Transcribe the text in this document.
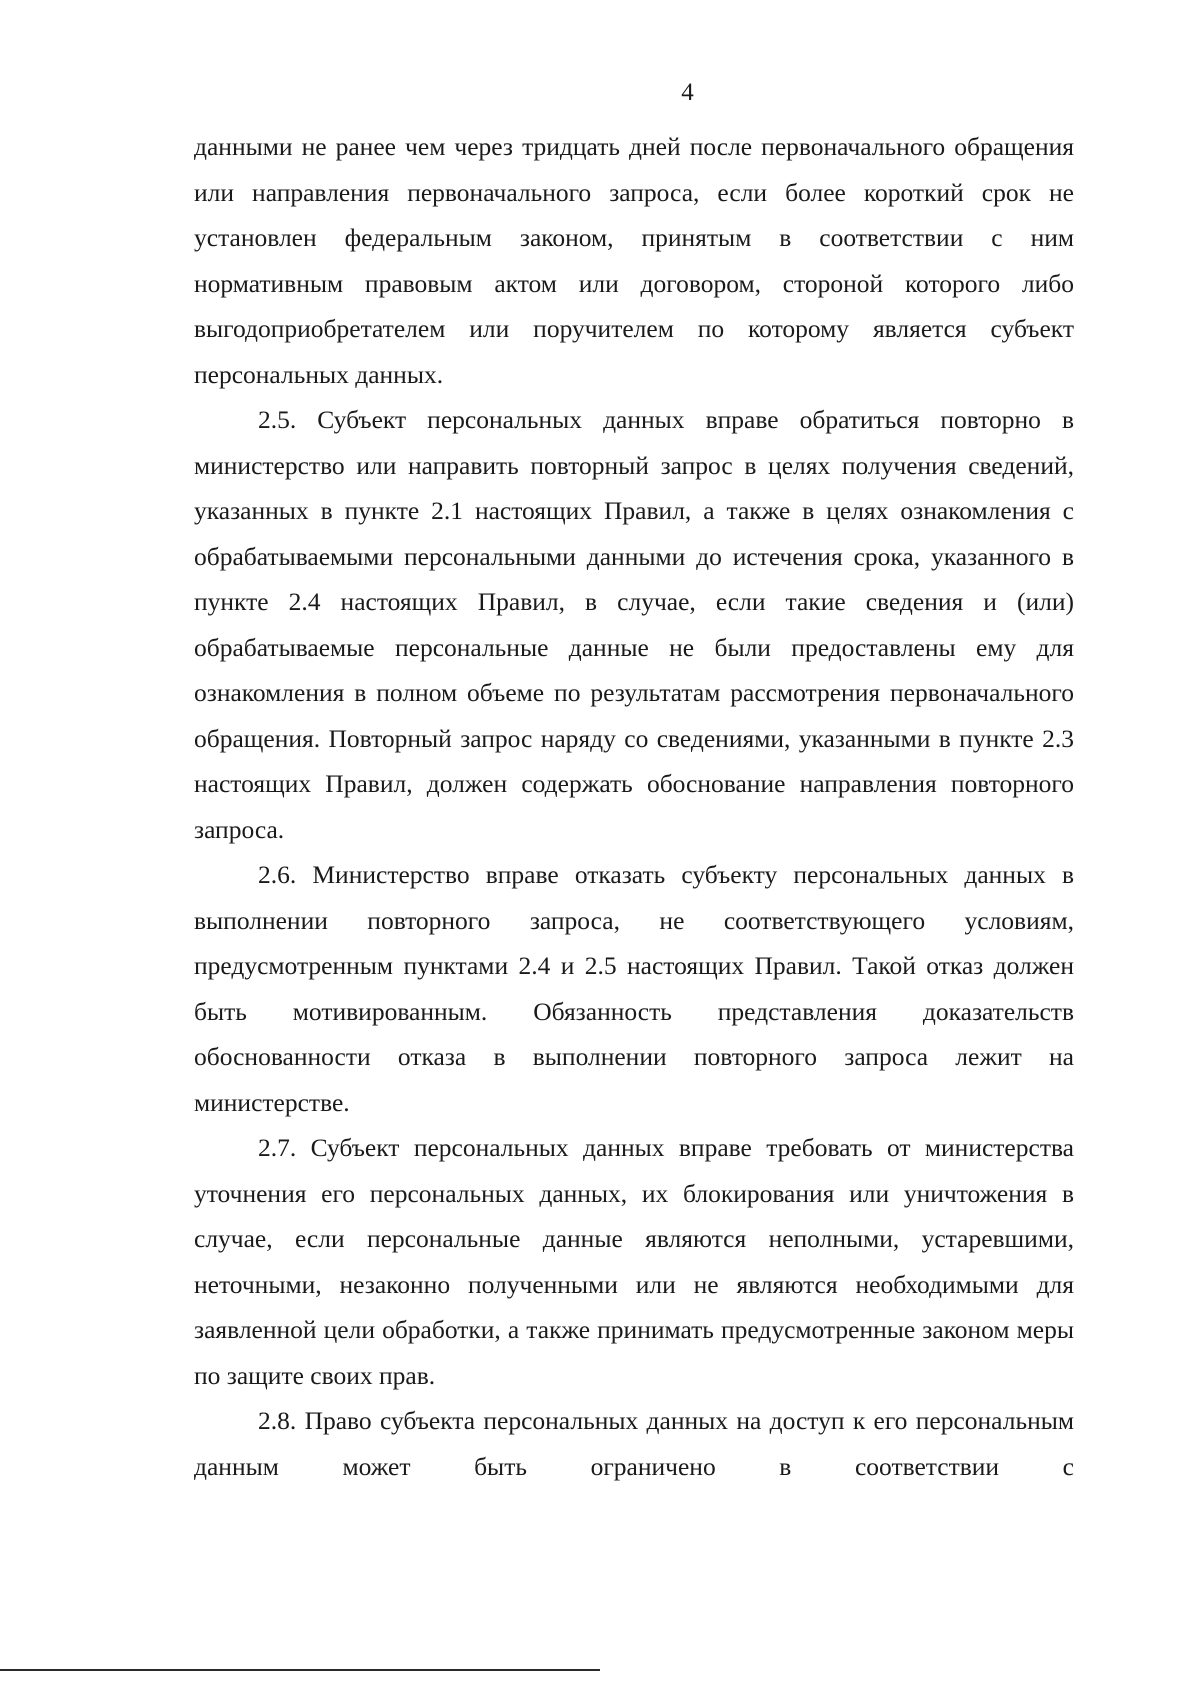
4

данными не ранее чем через тридцать дней после первоначального обращения или направления первоначального запроса, если более короткий срок не установлен федеральным законом, принятым в соответствии с ним нормативным правовым актом или договором, стороной которого либо выгодоприобретателем или поручителем по которому является субъект персональных данных.

2.5. Субъект персональных данных вправе обратиться повторно в министерство или направить повторный запрос в целях получения сведений, указанных в пункте 2.1 настоящих Правил, а также в целях ознакомления с обрабатываемыми персональными данными до истечения срока, указанного в пункте 2.4 настоящих Правил, в случае, если такие сведения и (или) обрабатываемые персональные данные не были предоставлены ему для ознакомления в полном объеме по результатам рассмотрения первоначального обращения. Повторный запрос наряду со сведениями, указанными в пункте 2.3 настоящих Правил, должен содержать обоснование направления повторного запроса.

2.6. Министерство вправе отказать субъекту персональных данных в выполнении повторного запроса, не соответствующего условиям, предусмотренным пунктами 2.4 и 2.5 настоящих Правил. Такой отказ должен быть мотивированным. Обязанность представления доказательств обоснованности отказа в выполнении повторного запроса лежит на министерстве.

2.7. Субъект персональных данных вправе требовать от министерства уточнения его персональных данных, их блокирования или уничтожения в случае, если персональные данные являются неполными, устаревшими, неточными, незаконно полученными или не являются необходимыми для заявленной цели обработки, а также принимать предусмотренные законом меры по защите своих прав.

2.8. Право субъекта персональных данных на доступ к его персональным данным может быть ограничено в соответствии с
